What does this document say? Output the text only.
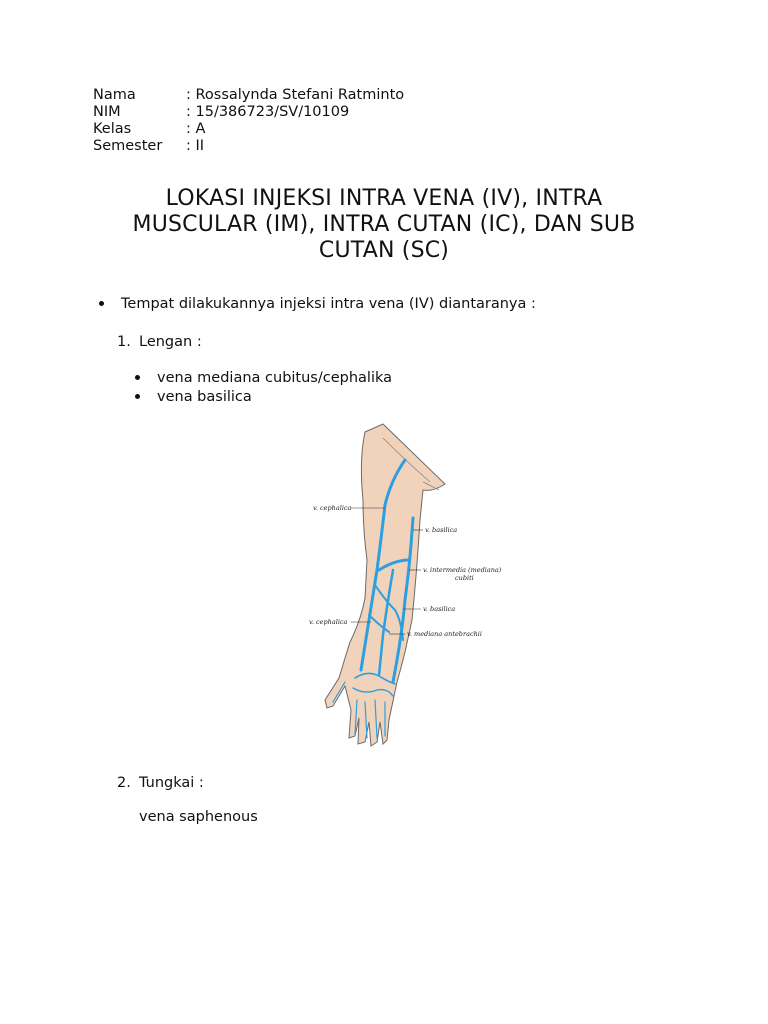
Nama	: Rossalynda Stefani Ratminto
NIM	: 15/386723/SV/10109
Kelas	: A
Semester	: II
LOKASI INJEKSI INTRA VENA (IV), INTRA
MUSCULAR (IM), INTRA CUTAN (IC), DAN SUB
CUTAN (SC)
Tempat dilakukannya injeksi intra vena (IV) diantaranya :
1. Lengan :
vena mediana cubitus/cephalika
vena basilica
v. cephalica
v. basilica
v. intermedia (mediana)
cubiti
v. basilica
v. cephalica
v. mediana antebrachii
2. Tungkai :
vena saphenous
